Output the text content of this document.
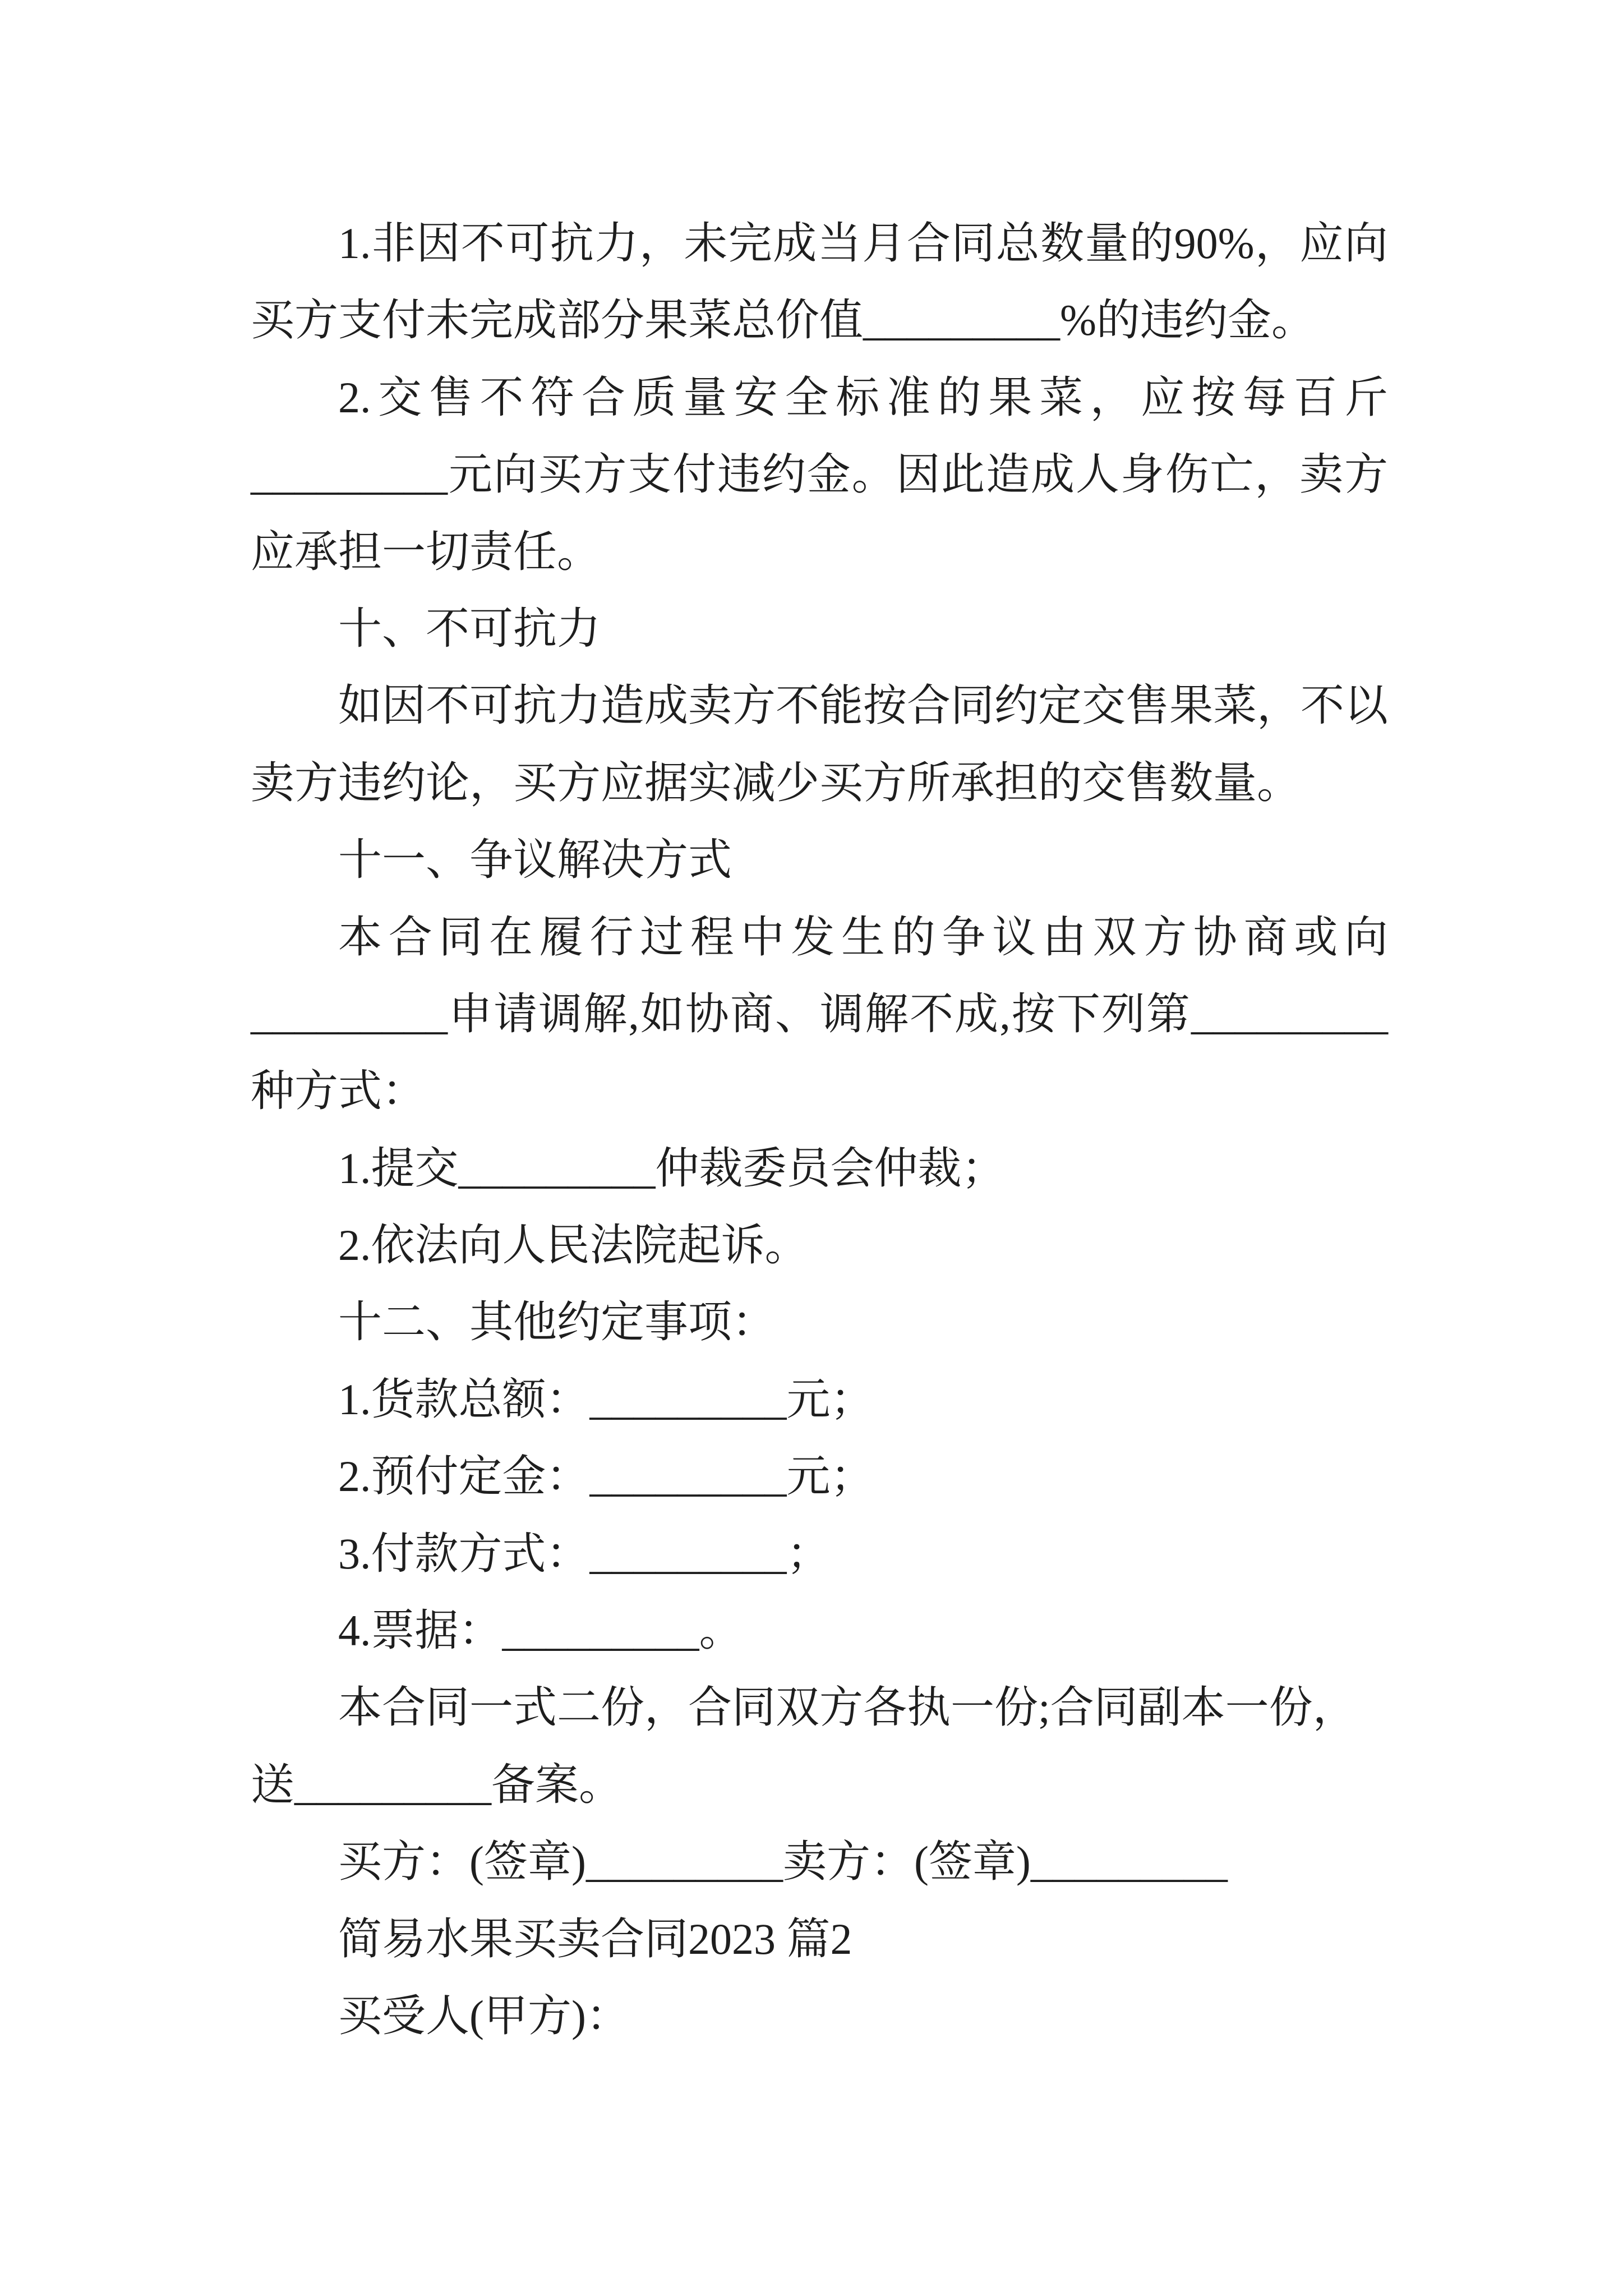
1.非因不可抗力，未完成当月合同总数量的90%，应向
买方支付未完成部分果菜总价值_________%的违约金。
2.交售不符合质量安全标准的果菜，应按每百斤
_________元向买方支付违约金。因此造成人身伤亡，卖方
应承担一切责任。
十、不可抗力
如因不可抗力造成卖方不能按合同约定交售果菜，不以
卖方违约论，买方应据实减少买方所承担的交售数量。
十一、争议解决方式
本合同在履行过程中发生的争议由双方协商或向
_________申请调解,如协商、调解不成,按下列第_________
种方式：
1.提交_________仲裁委员会仲裁；
2.依法向人民法院起诉。
十二、其他约定事项：
1.货款总额：_________元；
2.预付定金：_________元；
3.付款方式：_________；
4.票据：_________。
本合同一式二份，合同双方各执一份;合同副本一份，
送_________备案。
买方：(签章)_________卖方：(签章)_________
简易水果买卖合同2023 篇2
买受人(甲方)：
